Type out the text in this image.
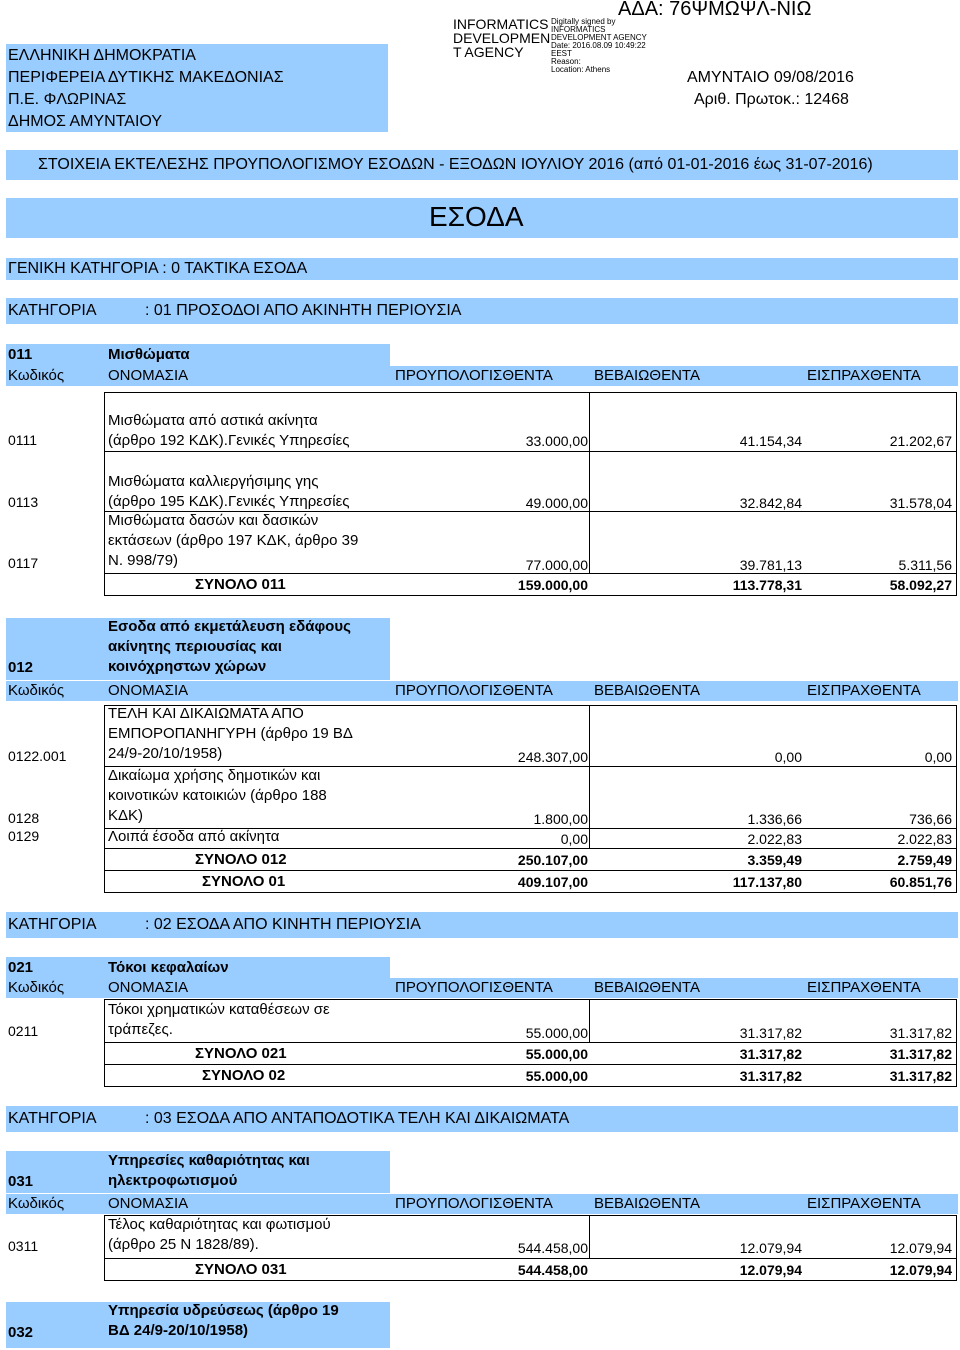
ΑΔΑ: 76ΨΜΩΨΛ-ΝΙΩ
ΕΛΛΗΝΙΚΗ ΔΗΜΟΚΡΑΤΙΑ
ΠΕΡΙΦΕΡΕΙΑ ΔΥΤΙΚΗΣ ΜΑΚΕΔΟΝΙΑΣ
Π.Ε. ΦΛΩΡΙΝΑΣ
ΔΗΜΟΣ ΑΜΥΝΤΑΙΟΥ
INFORMATICS
DEVELOPMEN
T AGENCY
Digitally signed by
INFORMATICS
DEVELOPMENT AGENCY
Date: 2016.08.09 10:49:22
EEST
Reason:
Location: Athens	ΑΜΥΝΤΑΙΟ 09/08/2016
Αριθ. Πρωτοκ.: 12468
ΣΤΟΙΧΕΙΑ ΕΚΤΕΛΕΣΗΣ ΠΡΟΥΠΟΛΟΓΙΣΜΟΥ ΕΣΟΔΩΝ - ΕΞΟΔΩΝ ΙΟΥΛΙΟΥ 2016 (από 01-01-2016 έως 31-07-2016)
ΕΣΟΔΑ
ΓΕΝΙΚΗ ΚΑΤΗΓΟΡΙΑ : 0 ΤΑΚΤΙΚΑ ΕΣΟΔΑ
ΚΑΤΗΓΟΡΙΑ	: 01 ΠΡΟΣΟΔΟΙ ΑΠΟ ΑΚΙΝΗΤΗ ΠΕΡΙΟΥΣΙΑ
011	Μισθώματα
Κωδικός	ΟΝΟΜΑΣΙΑ	ΠΡΟΥΠΟΛΟΓΙΣΘΕΝΤΑ	ΒΕΒΑΙΩΘΕΝΤΑ	ΕΙΣΠΡΑΧΘΕΝΤΑ
0111
Μισθώματα από αστικά ακίνητα
(άρθρο 192 ΚΔΚ).Γενικές Υπηρεσίες	33.000,00	41.154,34	21.202,67
0113
Μισθώματα καλλιεργήσιμης γης
(άρθρο 195 ΚΔΚ).Γενικές Υπηρεσίες	49.000,00	32.842,84	31.578,04
0117
Μισθώματα δασών και δασικών
εκτάσεων (άρθρο 197 ΚΔΚ, άρθρο 39
Ν. 998/79)	77.000,00	39.781,13	5.311,56
ΣΥΝΟΛΟ 011	159.000,00	113.778,31	58.092,27
012
Εσοδα από εκμετάλευση εδάφους
ακίνητης περιουσίας και
κοινόχρηστων χώρων
Κωδικός	ΟΝΟΜΑΣΙΑ	ΠΡΟΥΠΟΛΟΓΙΣΘΕΝΤΑ	ΒΕΒΑΙΩΘΕΝΤΑ	ΕΙΣΠΡΑΧΘΕΝΤΑ
0122.001
ΤΕΛΗ ΚΑΙ ΔΙΚΑΙΩΜΑΤΑ ΑΠΟ
ΕΜΠΟΡΟΠΑΝΗΓΥΡΗ (άρθρο 19 ΒΔ
24/9-20/10/1958)	248.307,00	0,00	0,00
0128
Δικαίωμα χρήσης δημοτικών και
κοινοτικών κατοικιών (άρθρο 188
ΚΔΚ)	1.800,00	1.336,66	736,66
0129	Λοιπά έσοδα από ακίνητα	0,00	2.022,83	2.022,83
ΣΥΝΟΛΟ 012	250.107,00	3.359,49	2.759,49
ΣΥΝΟΛΟ 01	409.107,00	117.137,80	60.851,76
ΚΑΤΗΓΟΡΙΑ	: 02 ΕΣΟΔΑ ΑΠΟ ΚΙΝΗΤΗ ΠΕΡΙΟΥΣΙΑ
021	Τόκοι κεφαλαίων
Κωδικός	ΟΝΟΜΑΣΙΑ	ΠΡΟΥΠΟΛΟΓΙΣΘΕΝΤΑ	ΒΕΒΑΙΩΘΕΝΤΑ	ΕΙΣΠΡΑΧΘΕΝΤΑ
0211
Τόκοι χρηματικών καταθέσεων σε
τράπεζες.	55.000,00	31.317,82	31.317,82
ΣΥΝΟΛΟ 021	55.000,00	31.317,82	31.317,82
ΣΥΝΟΛΟ 02	55.000,00	31.317,82	31.317,82
ΚΑΤΗΓΟΡΙΑ	: 03 ΕΣΟΔΑ ΑΠΟ ΑΝΤΑΠΟΔΟΤΙΚΑ ΤΕΛΗ ΚΑΙ ΔΙΚΑΙΩΜΑΤΑ
031
Υπηρεσίες καθαριότητας και
ηλεκτροφωτισμού
Κωδικός	ΟΝΟΜΑΣΙΑ	ΠΡΟΥΠΟΛΟΓΙΣΘΕΝΤΑ	ΒΕΒΑΙΩΘΕΝΤΑ	ΕΙΣΠΡΑΧΘΕΝΤΑ
0311
Τέλος καθαριότητας και φωτισμού
(άρθρο 25 Ν 1828/89).	544.458,00	12.079,94	12.079,94
ΣΥΝΟΛΟ 031	544.458,00	12.079,94	12.079,94
032
Υπηρεσία υδρεύσεως (άρθρο 19
ΒΔ 24/9-20/10/1958)
